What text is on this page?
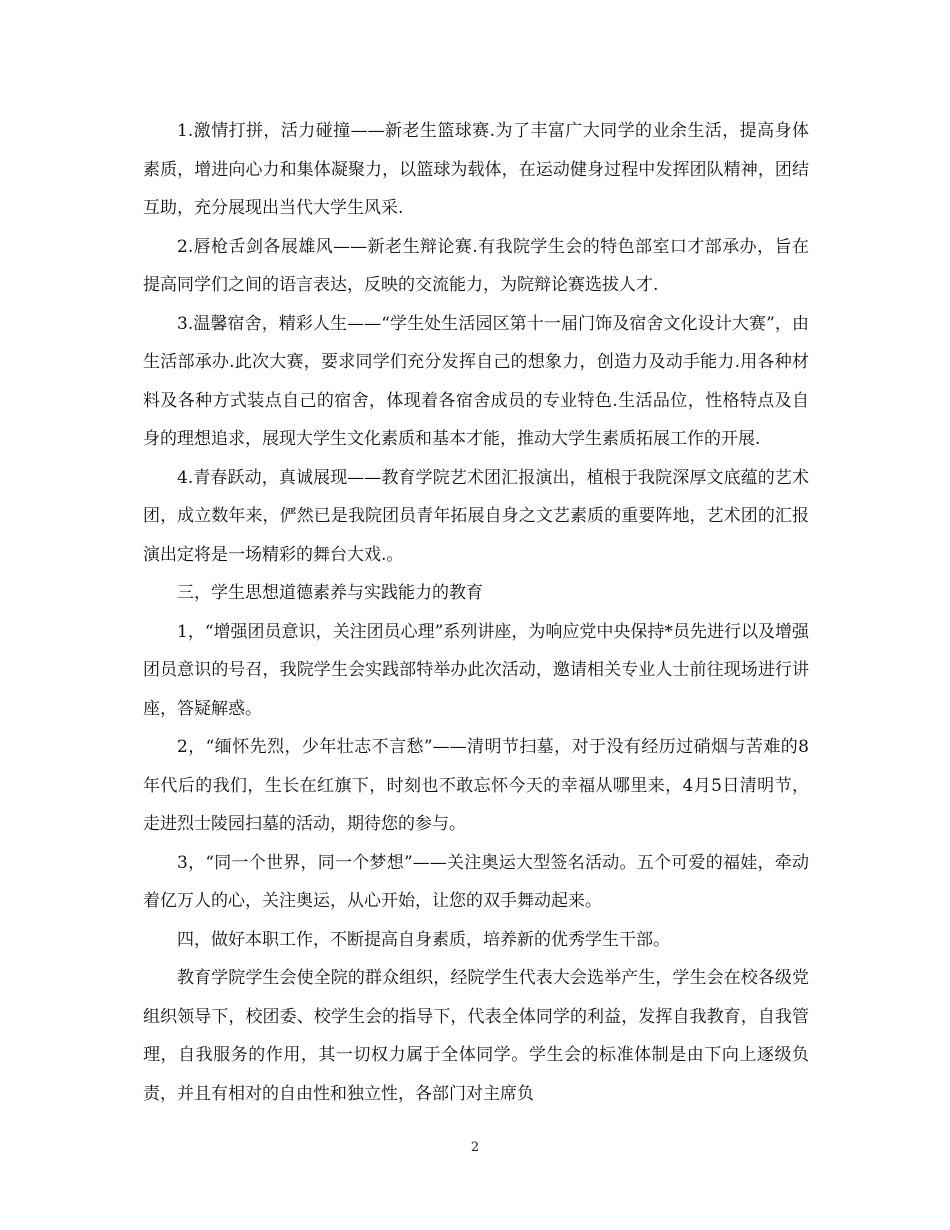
1.激情打拼，活力碰撞——新老生篮球赛.为了丰富广大同学的业余生活，提高身体素质，增进向心力和集体凝聚力，以篮球为载体，在运动健身过程中发挥团队精神，团结互助，充分展现出当代大学生风采.

2.唇枪舌剑各展雄风——新老生辩论赛.有我院学生会的特色部室口才部承办，旨在提高同学们之间的语言表达，反映的交流能力，为院辩论赛选拔人才.

3.温馨宿舍，精彩人生——“学生处生活园区第十一届门饰及宿舍文化设计大赛”，由生活部承办.此次大赛，要求同学们充分发挥自己的想象力，创造力及动手能力.用各种材料及各种方式装点自己的宿舍，体现着各宿舍成员的专业特色.生活品位，性格特点及自身的理想追求，展现大学生文化素质和基本才能，推动大学生素质拓展工作的开展.

4.青春跃动，真诚展现——教育学院艺术团汇报演出，植根于我院深厚文底蕴的艺术团，成立数年来，俨然已是我院团员青年拓展自身之文艺素质的重要阵地，艺术团的汇报演出定将是一场精彩的舞台大戏.。

三，学生思想道德素养与实践能力的教育

1，“增强团员意识，关注团员心理”系列讲座，为响应党中央保持*员先进行以及增强团员意识的号召，我院学生会实践部特举办此次活动，邀请相关专业人士前往现场进行讲座，答疑解惑。

2，“缅怀先烈，少年壮志不言愁”——清明节扫墓，对于没有经历过硝烟与苦难的8年代后的我们，生长在红旗下，时刻也不敢忘怀今天的幸福从哪里来，4月5日清明节，走进烈士陵园扫墓的活动，期待您的参与。

3，“同一个世界，同一个梦想”——关注奥运大型签名活动。五个可爱的福娃，牵动着亿万人的心，关注奥运，从心开始，让您的双手舞动起来。

四，做好本职工作，不断提高自身素质，培养新的优秀学生干部。

教育学院学生会使全院的群众组织，经院学生代表大会选举产生，学生会在校各级党组织领导下，校团委、校学生会的指导下，代表全体同学的利益，发挥自我教育，自我管理，自我服务的作用，其一切权力属于全体同学。学生会的标准体制是由下向上逐级负责，并且有相对的自由性和独立性，各部门对主席负

2
